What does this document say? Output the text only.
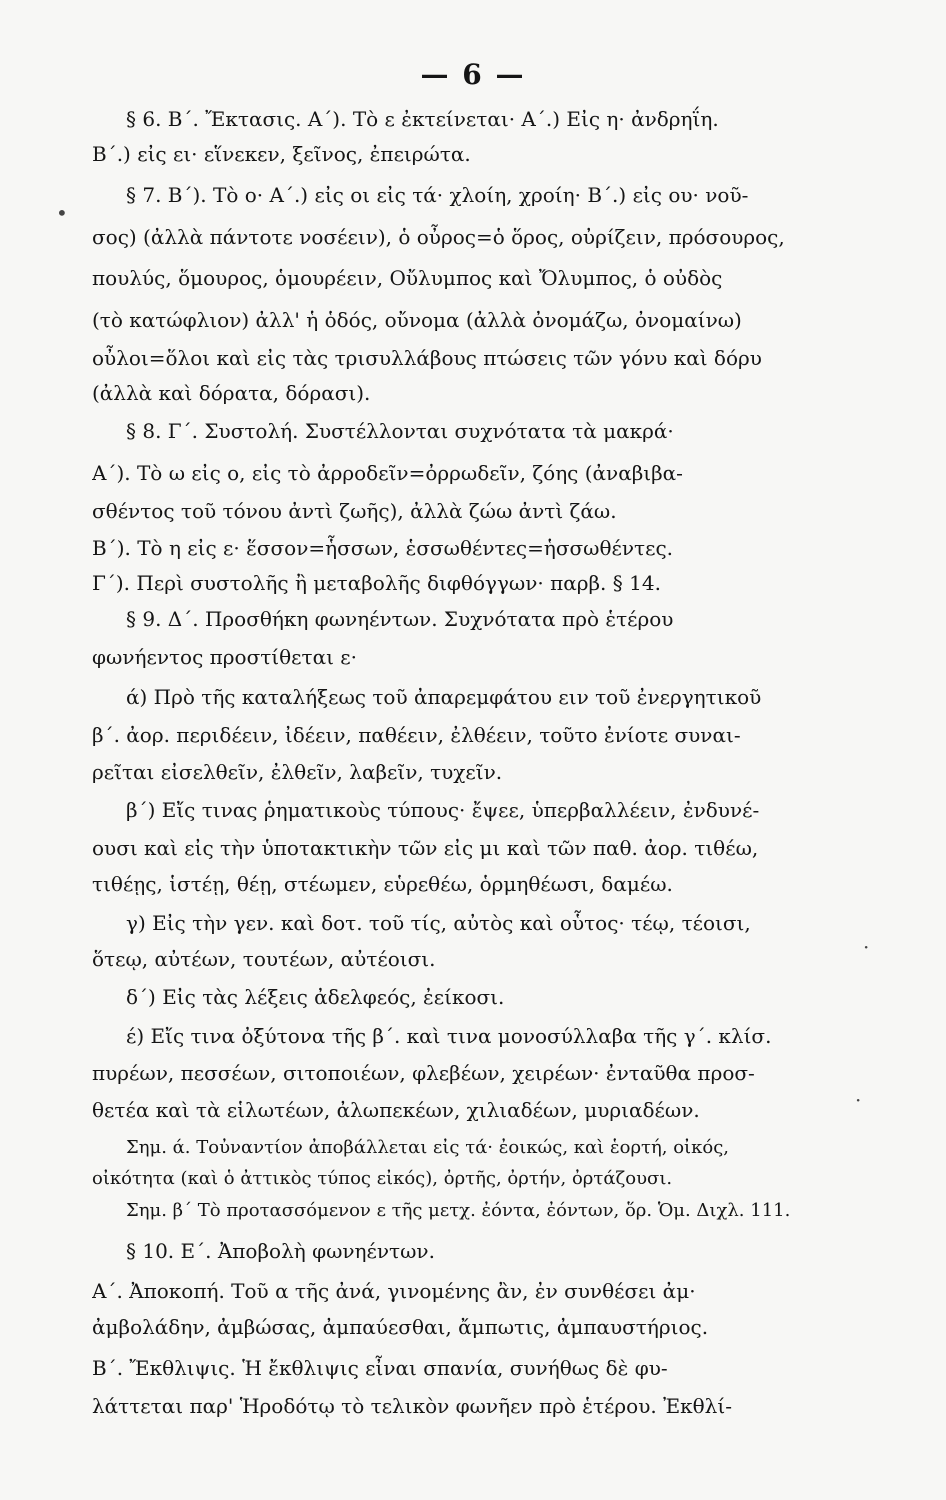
— 6 —
§ 6. Β΄. Ἔκτασις. Α΄). Τὸ ε ἐκτείνεται· Α΄.) Εἰς η· ἀνδρηΐη.
Β΄.) εἰς ει· εἵνεκεν, ξεῖνος, ἐπειρώτα.
§ 7. Β΄). Τὸ ο· Α΄.) εἰς οι εἰς τά· χλοίη, χροίη· Β΄.) εἰς ου· νοῦ-
σος) (ἀλλὰ πάντοτε νοσέειν), ὁ οὖρος=ὁ ὅρος, οὐρίζειν, πρόσουρος,
πουλύς, ὅμουρος, ὁμουρέειν, Οὔλυμπος καὶ Ὄλυμπος, ὁ οὐδὸς
(τὸ κατώφλιον) ἀλλ' ἡ ὁδός, οὔνομα (ἀλλὰ ὀνομάζω, ὀνομαίνω)
οὖλοι=ὅλοι καὶ εἰς τὰς τρισυλλάβους πτώσεις τῶν γόνυ καὶ δόρυ
(ἀλλὰ καὶ δόρατα, δόρασι).
§ 8. Γ΄. Συστολή. Συστέλλονται συχνότατα τὰ μακρά·
Α΄). Τὸ ω εἰς ο, εἰς τὸ ἀρροδεῖν=ὀρρωδεῖν, ζόης (ἀναβιβα-
σθέντος τοῦ τόνου ἀντὶ ζωῆς), ἀλλὰ ζώω ἀντὶ ζάω.
Β΄). Τὸ η εἰς ε· ἕσσον=ἧσσων, ἑσσωθέντες=ἡσσωθέντες.
Γ΄). Περὶ συστολῆς ἢ μεταβολῆς διφθόγγων· παρβ. § 14.
§ 9. Δ΄. Προσθήκη φωνηέντων. Συχνότατα πρὸ ἑτέρου
φωνήεντος προστίθεται ε·
ά) Πρὸ τῆς καταλήξεως τοῦ ἀπαρεμφάτου ειν τοῦ ἐνεργητικοῦ
β΄. ἀορ. περιδέειν, ἰδέειν, παθέειν, ἐλθέειν, τοῦτο ἐνίοτε συναι-
ρεῖται εἰσελθεῖν, ἐλθεῖν, λαβεῖν, τυχεῖν.
β΄) Εἴς τινας ῥηματικοὺς τύπους· ἔψεε, ὑπερβαλλέειν, ἐνδυνέ-
ουσι καὶ εἰς τὴν ὑποτακτικὴν τῶν εἰς μι καὶ τῶν παθ. ἀορ. τιθέω,
τιθέῃς, ἱστέῃ, θέῃ, στέωμεν, εὑρεθέω, ὁρμηθέωσι, δαμέω.
γ) Εἰς τὴν γεν. καὶ δοτ. τοῦ τίς, αὐτὸς καὶ οὗτος· τέῳ, τέοισι,
ὅτεῳ, αὐτέων, τουτέων, αὐτέοισι.
δ΄) Εἰς τὰς λέξεις ἀδελφεός, ἐείκοσι.
έ) Εἴς τινα ὀξύτονα τῆς β΄. καὶ τινα μονοσύλλαβα τῆς γ΄. κλίσ.
πυρέων, πεσσέων, σιτοποιέων, φλεβέων, χειρέων· ἐνταῦθα προσ-
θετέα καὶ τὰ εἱλωτέων, ἀλωπεκέων, χιλιαδέων, μυριαδέων.
Σημ. ά. Τοὐναντίον ἀποβάλλεται εἰς τά· ἐοικώς, καὶ ἑορτή, οἰκός,
οἰκότητα (καὶ ὁ ἀττικὸς τύπος εἰκός), ὀρτῆς, ὀρτήν, ὀρτάζουσι.
Σημ. β΄ Τὸ προτασσόμενον ε τῆς μετχ. ἐόντα, ἐόντων, ὅρ. Ὁμ. Διχλ. 111.
§ 10. Ε΄. Ἀποβολὴ φωνηέντων.
Α΄. Ἀποκοπή. Τοῦ α τῆς ἀνά, γινομένης ἂν, ἐν συνθέσει ἀμ·
ἀμβολάδην, ἀμβώσας, ἀμπαύεσθαι, ἄμπωτις, ἀμπαυστήριος.
Β΄. Ἔκθλιψις. Ἡ ἔκθλιψις εἶναι σπανία, συνήθως δὲ φυ-
λάττεται παρ' Ἡροδότῳ τὸ τελικὸν φωνῆεν πρὸ ἑτέρου. Ἐκθλί-
•
·
·
